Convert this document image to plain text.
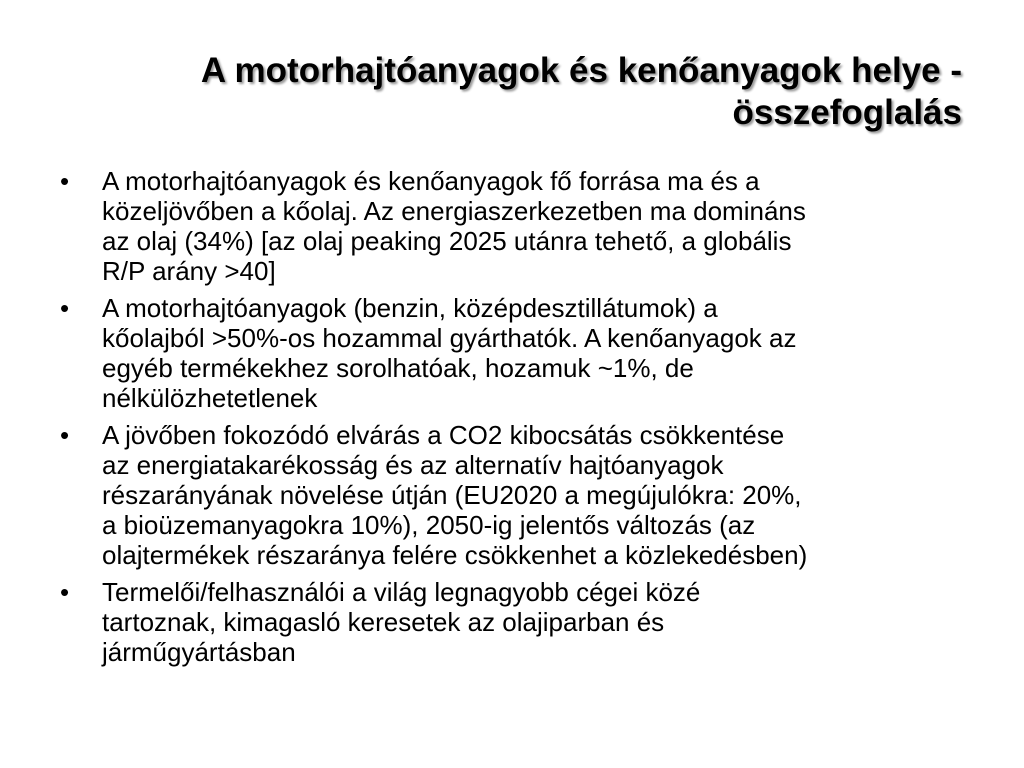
A motorhajtóanyagok és kenőanyagok helye -
összefoglalás
• A motorhajtóanyagok és kenőanyagok fő forrása ma és a
közeljövőben a kőolaj. Az energiaszerkezetben ma domináns
az olaj (34%) [az olaj peaking 2025 utánra tehető, a globális
R/P arány >40]
• A motorhajtóanyagok (benzin, középdesztillátumok) a
kőolajból >50%-os hozammal gyárthatók. A kenőanyagok az
egyéb termékekhez sorolhatóak, hozamuk ~1%, de
nélkülözhetetlenek
• A jövőben fokozódó elvárás a CO2 kibocsátás csökkentése
az energiatakarékosság és az alternatív hajtóanyagok
részarányának növelése útján (EU2020 a megújulókra: 20%,
a bioüzemanyagokra 10%), 2050-ig jelentős változás (az
olajtermékek részaránya felére csökkenhet a közlekedésben)
• Termelői/felhasználói a világ legnagyobb cégei közé
tartoznak, kimagasló keresetek az olajiparban és
járműgyártásban
